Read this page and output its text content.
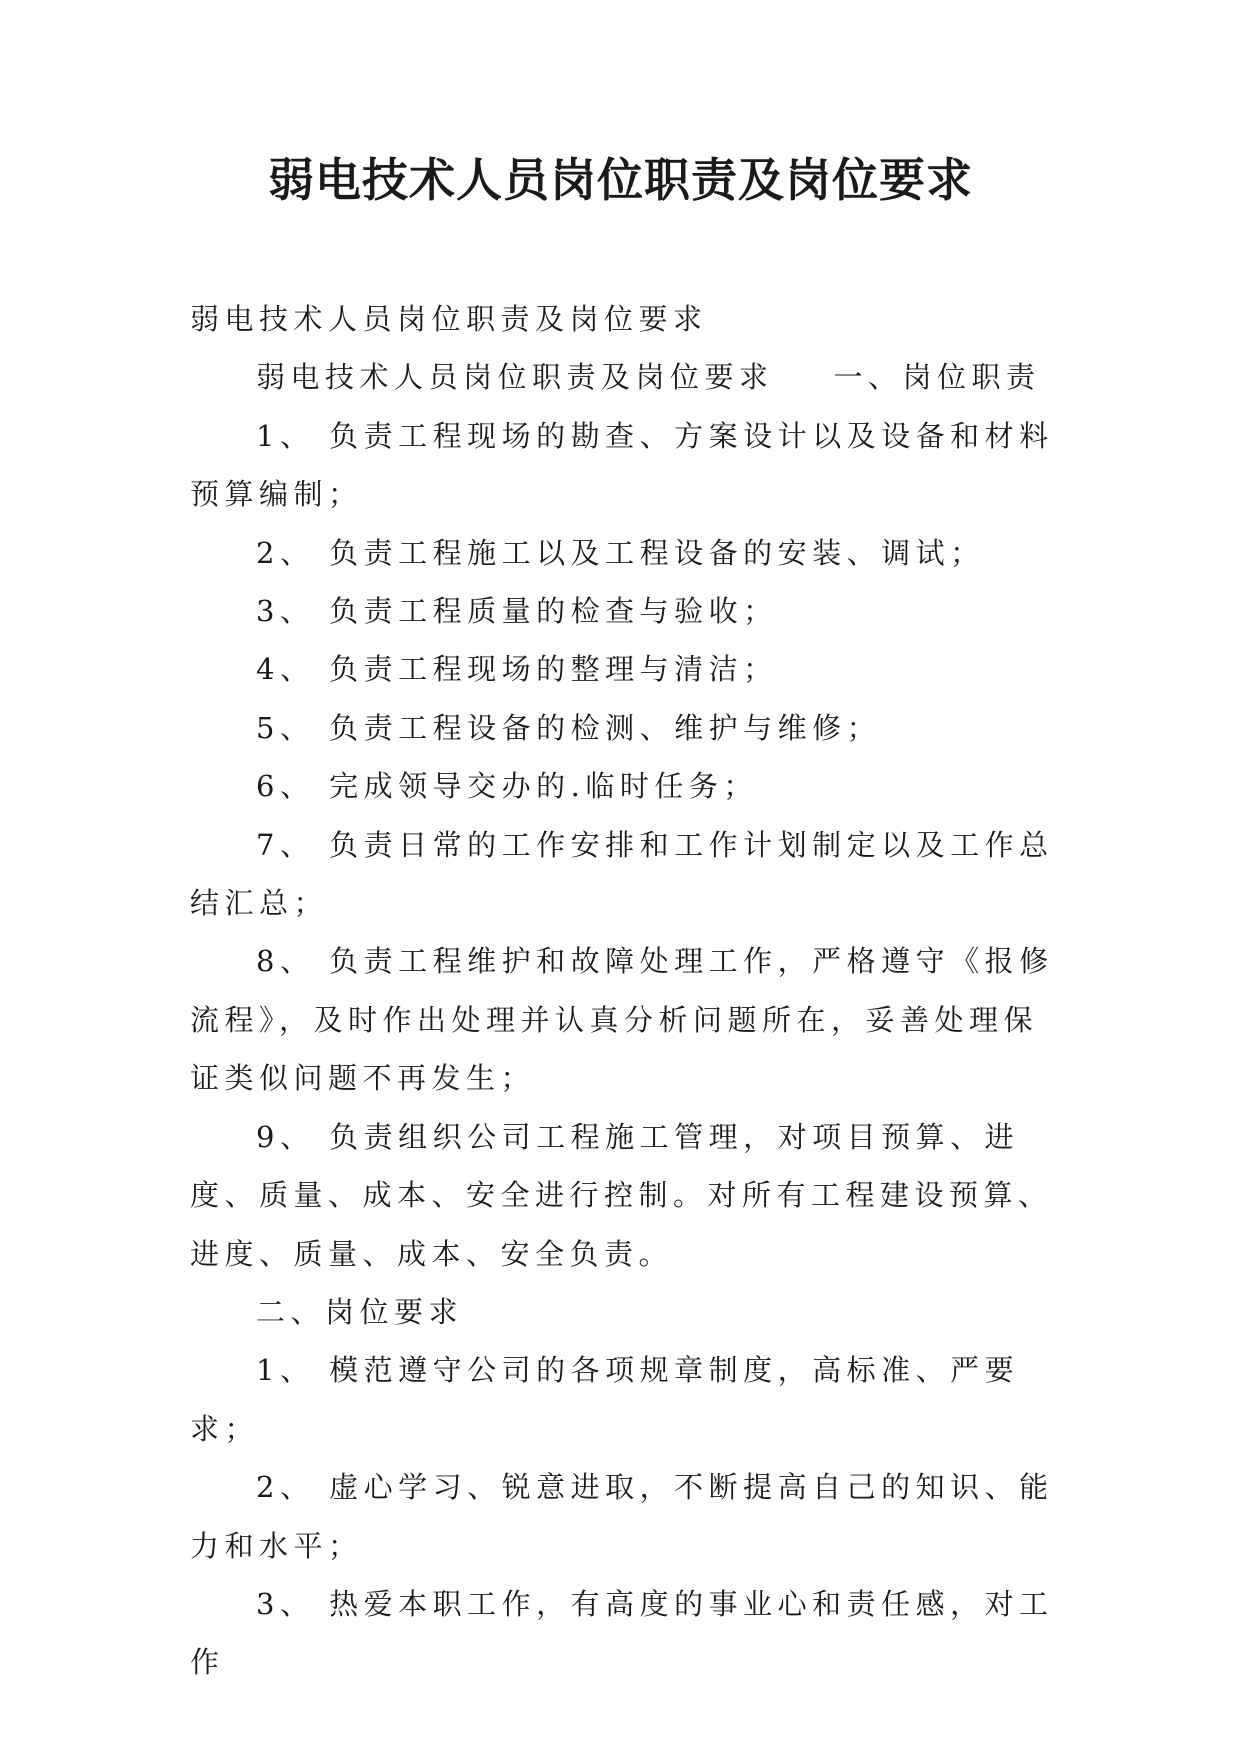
弱电技术人员岗位职责及岗位要求

弱电技术人员岗位职责及岗位要求

弱电技术人员岗位职责及岗位要求 一、岗位职责

1、 负责工程现场的勘查、方案设计以及设备和材料预算编制；

2、 负责工程施工以及工程设备的安装、调试；

3、 负责工程质量的检查与验收；

4、 负责工程现场的整理与清洁；

5、 负责工程设备的检测、维护与维修；

6、 完成领导交办的.临时任务；

7、 负责日常的工作安排和工作计划制定以及工作总结汇总；

8、 负责工程维护和故障处理工作，严格遵守《报修流程》，及时作出处理并认真分析问题所在，妥善处理保证类似问题不再发生；

9、 负责组织公司工程施工管理，对项目预算、进度、质量、成本、安全进行控制。对所有工程建设预算、进度、质量、成本、安全负责。

二、岗位要求

1、 模范遵守公司的各项规章制度，高标准、严要求；

2、 虚心学习、锐意进取，不断提高自己的知识、能力和水平；

3、 热爱本职工作，有高度的事业心和责任感，对工作
